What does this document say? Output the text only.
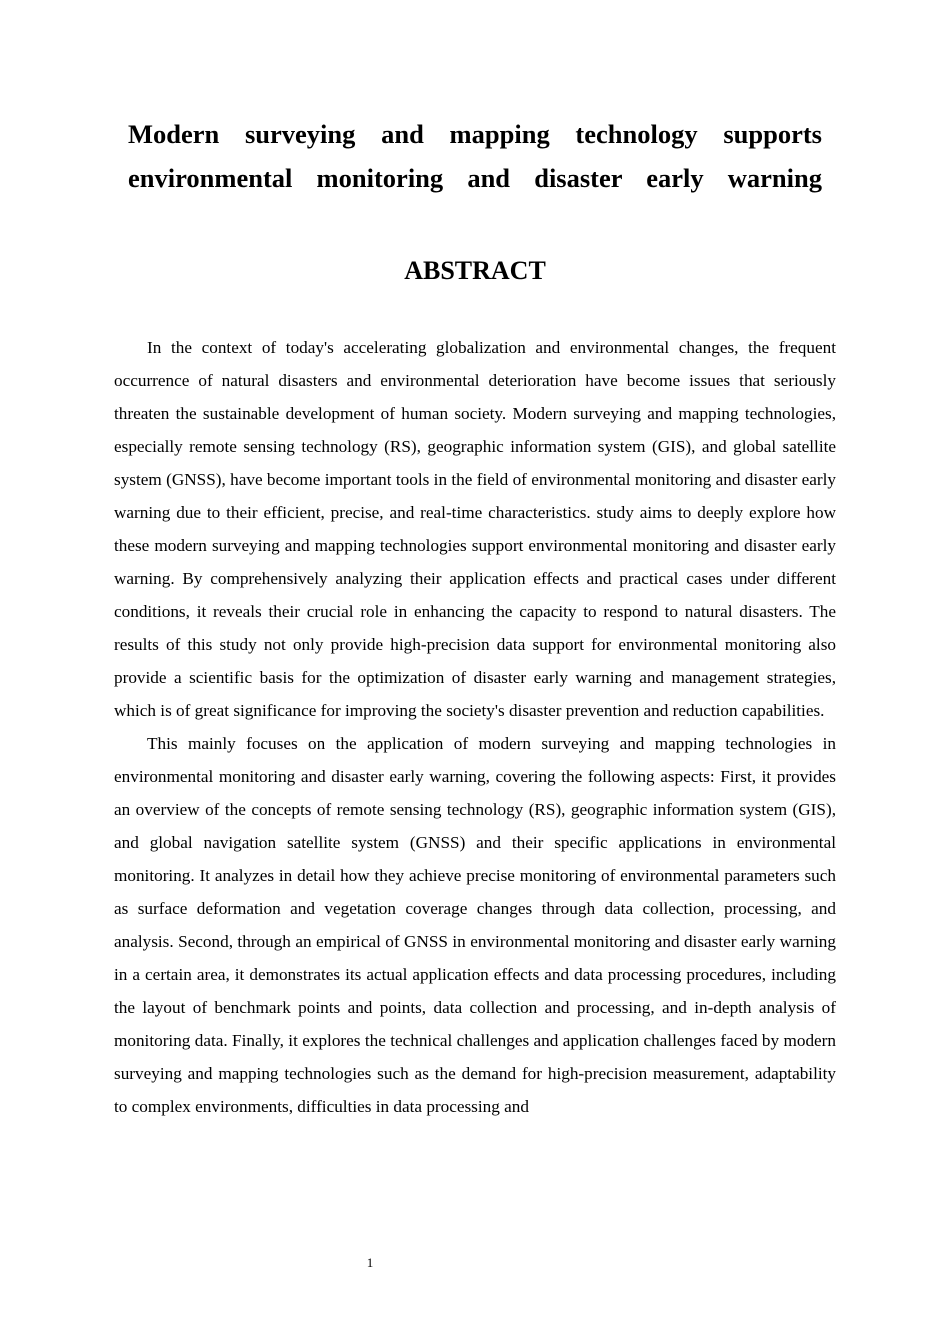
Modern surveying and mapping technology supports environmental monitoring and disaster early warning
ABSTRACT

In the context of today's accelerating globalization and environmental changes, the frequent occurrence of natural disasters and environmental deterioration have become issues that seriously threaten the sustainable development of human society. Modern surveying and mapping technologies, especially remote sensing technology (RS), geographic information system (GIS), and global satellite system (GNSS), have become important tools in the field of environmental monitoring and disaster early warning due to their efficient, precise, and real-time characteristics. study aims to deeply explore how these modern surveying and mapping technologies support environmental monitoring and disaster early warning. By comprehensively analyzing their application effects and practical cases under different conditions, it reveals their crucial role in enhancing the capacity to respond to natural disasters. The results of this study not only provide high-precision data support for environmental monitoring also provide a scientific basis for the optimization of disaster early warning and management strategies, which is of great significance for improving the society's disaster prevention and reduction capabilities.

This mainly focuses on the application of modern surveying and mapping technologies in environmental monitoring and disaster early warning, covering the following aspects: First, it provides an overview of the concepts of remote sensing technology (RS), geographic information system (GIS), and global navigation satellite system (GNSS) and their specific applications in environmental monitoring. It analyzes in detail how they achieve precise monitoring of environmental parameters such as surface deformation and vegetation coverage changes through data collection, processing, and analysis. Second, through an empirical of GNSS in environmental monitoring and disaster early warning in a certain area, it demonstrates its actual application effects and data processing procedures, including the layout of benchmark points and points, data collection and processing, and in-depth analysis of monitoring data. Finally, it explores the technical challenges and application challenges faced by modern surveying and mapping technologies such as the demand for high-precision measurement, adaptability to complex environments, difficulties in data processing and

1
